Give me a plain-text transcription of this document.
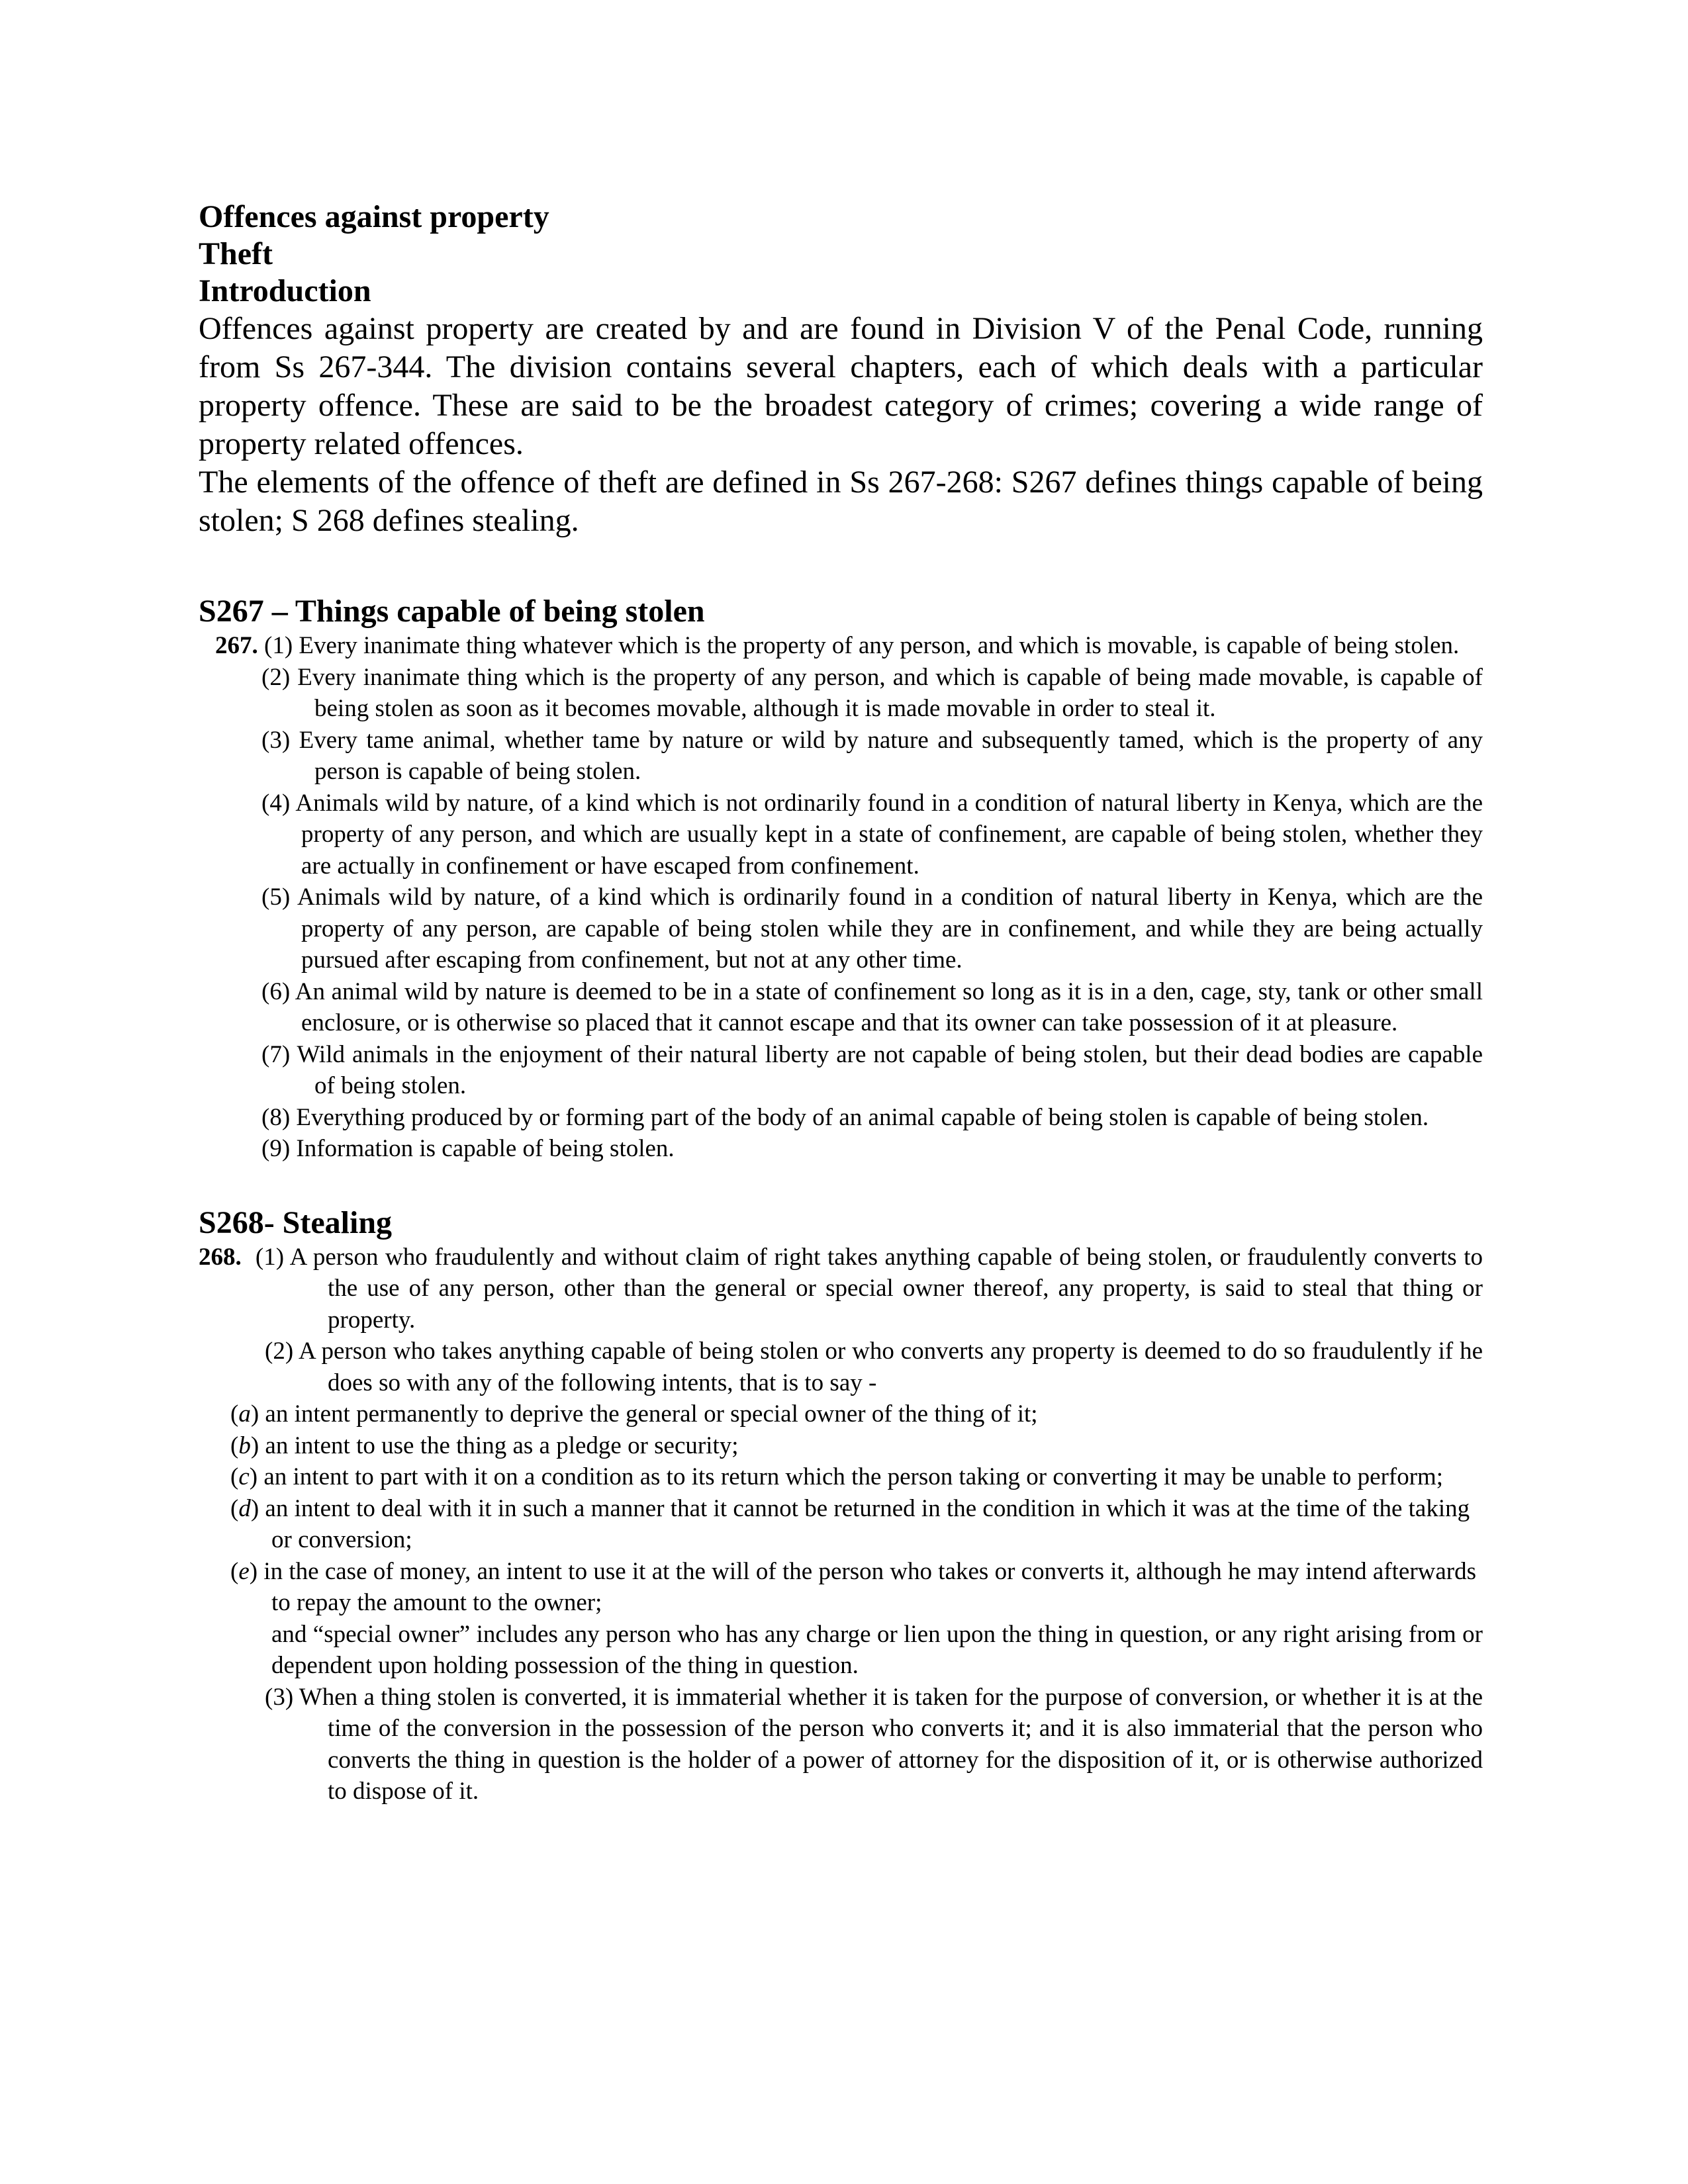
Offences against property

Theft

Introduction

Offences against property are created by and are found in Division V of the Penal Code, running from Ss 267-344. The division contains several chapters, each of which deals with a particular property offence. These are said to be the broadest category of crimes; covering a wide range of property related offences.

The elements of the offence of theft are defined in Ss 267-268: S267 defines things capable of being stolen; S 268 defines stealing.

S267 – Things capable of being stolen

267. (1) Every inanimate thing whatever which is the property of any person, and which is movable, is capable of being stolen.

(2) Every inanimate thing which is the property of any person, and which is capable of being made movable, is capable of being stolen as soon as it becomes movable, although it is made movable in order to steal it.

(3) Every tame animal, whether tame by nature or wild by nature and subsequently tamed, which is the property of any person is capable of being stolen.

(4) Animals wild by nature, of a kind which is not ordinarily found in a condition of natural liberty in Kenya, which are the property of any person, and which are usually kept in a state of confinement, are capable of being stolen, whether they are actually in confinement or have escaped from confinement.

(5) Animals wild by nature, of a kind which is ordinarily found in a condition of natural liberty in Kenya, which are the property of any person, are capable of being stolen while they are in confinement, and while they are being actually pursued after escaping from confinement, but not at any other time.

(6) An animal wild by nature is deemed to be in a state of confinement so long as it is in a den, cage, sty, tank or other small enclosure, or is otherwise so placed that it cannot escape and that its owner can take possession of it at pleasure.

(7) Wild animals in the enjoyment of their natural liberty are not capable of being stolen, but their dead bodies are capable of being stolen.

(8) Everything produced by or forming part of the body of an animal capable of being stolen is capable of being stolen.

(9) Information is capable of being stolen.

S268- Stealing

268. (1) A person who fraudulently and without claim of right takes anything capable of being stolen, or fraudulently converts to the use of any person, other than the general or special owner thereof, any property, is said to steal that thing or property.

(2) A person who takes anything capable of being stolen or who converts any property is deemed to do so fraudulently if he does so with any of the following intents, that is to say -

(a) an intent permanently to deprive the general or special owner of the thing of it;

(b) an intent to use the thing as a pledge or security;

(c) an intent to part with it on a condition as to its return which the person taking or converting it may be unable to perform;

(d) an intent to deal with it in such a manner that it cannot be returned in the condition in which it was at the time of the taking or conversion;

(e) in the case of money, an intent to use it at the will of the person who takes or converts it, although he may intend afterwards to repay the amount to the owner;

and “special owner” includes any person who has any charge or lien upon the thing in question, or any right arising from or dependent upon holding possession of the thing in question.

(3) When a thing stolen is converted, it is immaterial whether it is taken for the purpose of conversion, or whether it is at the time of the conversion in the possession of the person who converts it; and it is also immaterial that the person who converts the thing in question is the holder of a power of attorney for the disposition of it, or is otherwise authorized to dispose of it.
